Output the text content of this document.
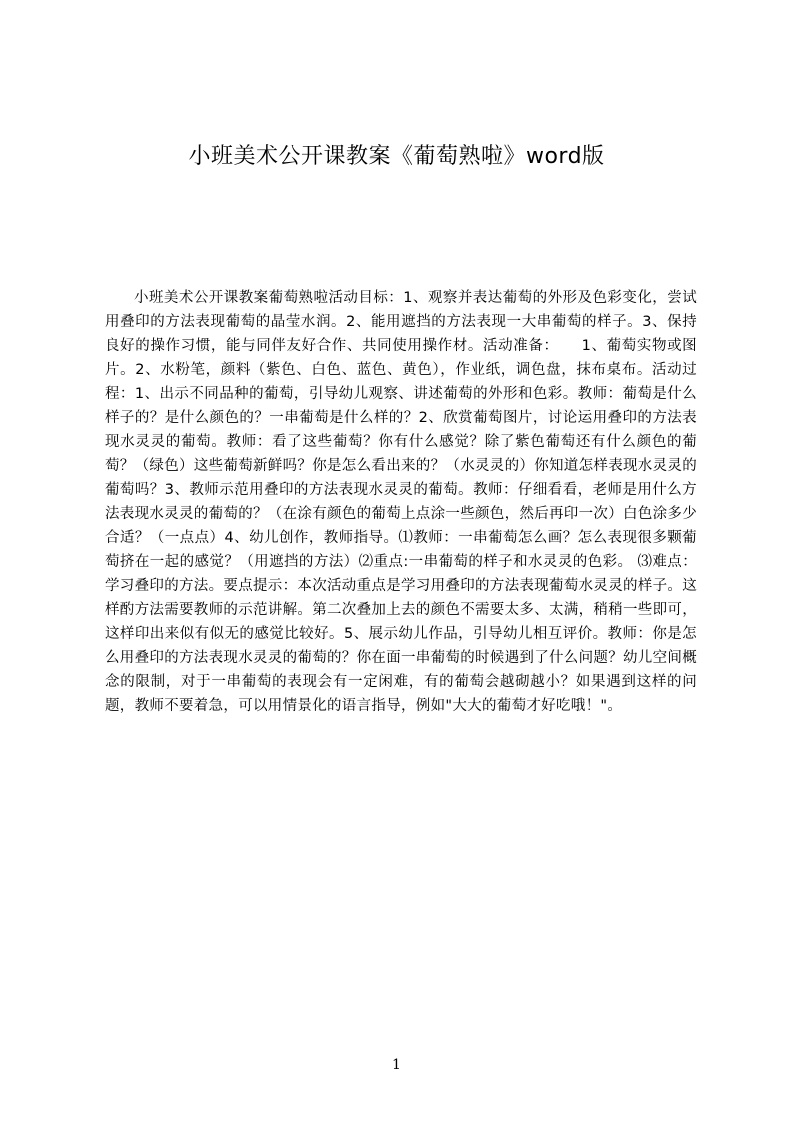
小班美术公开课教案《葡萄熟啦》word版

小班美术公开课教案葡萄熟啦活动目标：1、观察并表达葡萄的外形及色彩变化，尝试用叠印的方法表现葡萄的晶莹水润。2、能用遮挡的方法表现一大串葡萄的样子。3、保持良好的操作习惯，能与同伴友好合作、共同使用操作材。活动准备：　　1、葡萄实物或图片。2、水粉笔，颜料（紫色、白色、蓝色、黄色），作业纸，调色盘，抹布桌布。活动过程：1、出示不同品种的葡萄，引导幼儿观察、讲述葡萄的外形和色彩。教师：葡萄是什么样子的？是什么颜色的？一串葡萄是什么样的？2、欣赏葡萄图片，讨论运用叠印的方法表现水灵灵的葡萄。教师：看了这些葡萄？你有什么感觉？除了紫色葡萄还有什么颜色的葡萄？（绿色）这些葡萄新鲜吗？你是怎么看出来的？（水灵灵的）你知道怎样表现水灵灵的葡萄吗？3、教师示范用叠印的方法表现水灵灵的葡萄。教师：仔细看看，老师是用什么方法表现水灵灵的葡萄的？（在涂有颜色的葡萄上点涂一些颜色，然后再印一次）白色涂多少合适？（一点点）4、幼儿创作，教师指导。⑴教师：一串葡萄怎么画？怎么表现很多颗葡萄挤在一起的感觉？（用遮挡的方法）⑵重点:一串葡萄的样子和水灵灵的色彩。 ⑶难点：学习叠印的方法。要点提示：本次活动重点是学习用叠印的方法表现葡萄水灵灵的样子。这样酌方法需要教师的示范讲解。第二次叠加上去的颜色不需要太多、太满，稍稍一些即可，这样印出来似有似无的感觉比较好。5、展示幼儿作品，引导幼儿相互评价。教师：你是怎么用叠印的方法表现水灵灵的葡萄的？你在面一串葡萄的时候遇到了什么问题？幼儿空间概念的限制，对于一串葡萄的表现会有一定闲难，有的葡萄会越砌越小？如果遇到这样的问题，教师不要着急，可以用情景化的语言指导，例如"大大的葡萄才好吃哦！"。

1
